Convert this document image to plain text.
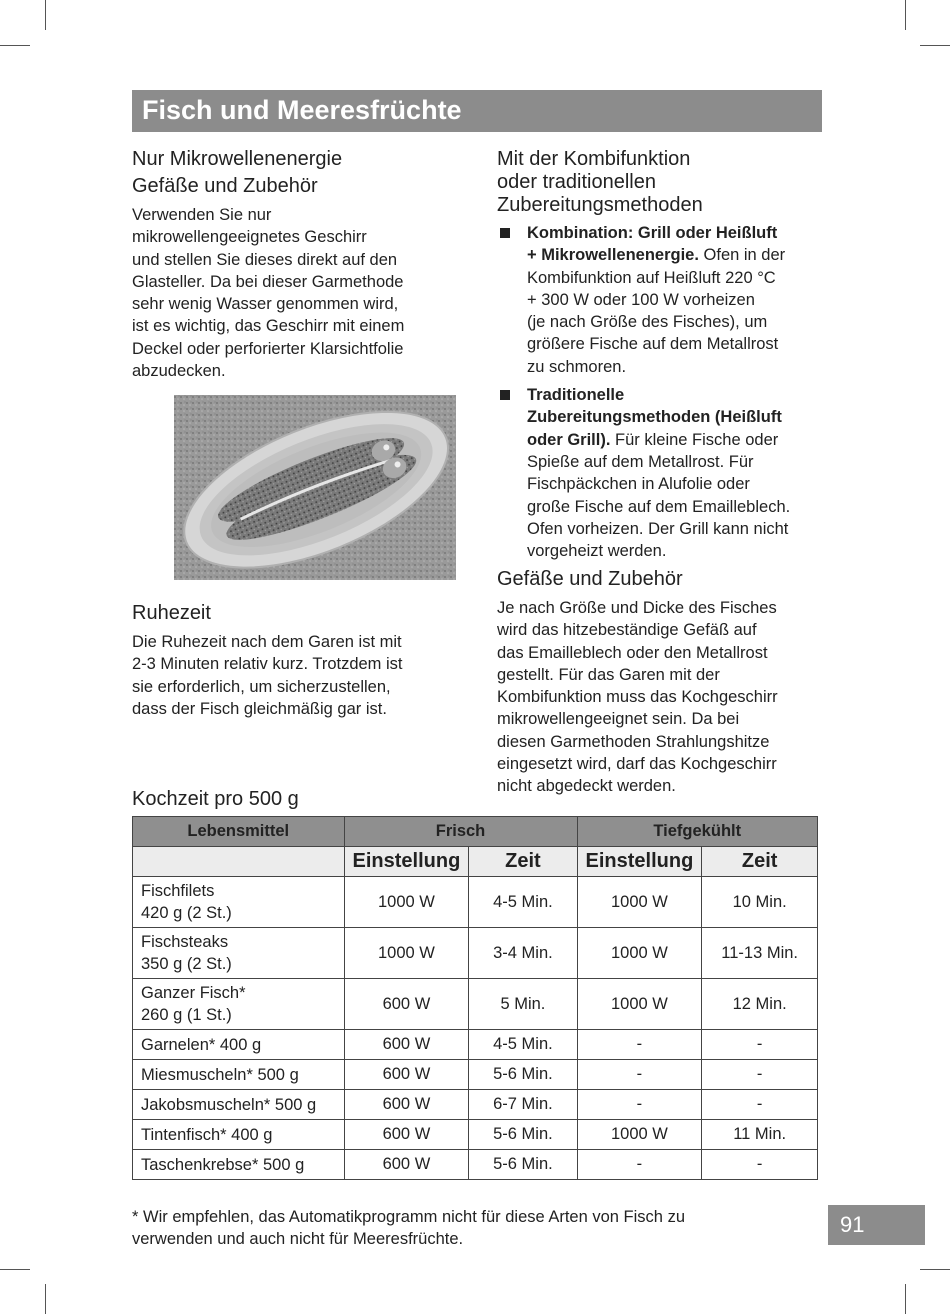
Fisch und Meeresfrüchte
Nur Mikrowellenenergie
Gefäße und Zubehör
Verwenden Sie nur
mikrowellengeeignetes Geschirr
und stellen Sie dieses direkt auf den
Glasteller. Da bei dieser Garmethode
sehr wenig Wasser genommen wird,
ist es wichtig, das Geschirr mit einem
Deckel oder perforierter Klarsichtfolie
abzudecken.
Ruhezeit
Die Ruhezeit nach dem Garen ist mit
2-3 Minuten relativ kurz. Trotzdem ist
sie erforderlich, um sicherzustellen,
dass der Fisch gleichmäßig gar ist.
Mit der Kombifunktion
oder traditionellen
Zubereitungsmethoden
Kombination: Grill oder Heißluft
+ Mikrowellenenergie. Ofen in der
Kombifunktion auf Heißluft 220 °C
+ 300 W oder 100 W vorheizen
(je nach Größe des Fisches), um
größere Fische auf dem Metallrost
zu schmoren.
Traditionelle
Zubereitungsmethoden (Heißluft
oder Grill). Für kleine Fische oder
Spieße auf dem Metallrost. Für
Fischpäckchen in Alufolie oder
große Fische auf dem Emailleblech.
Ofen vorheizen. Der Grill kann nicht
vorgeheizt werden.
Gefäße und Zubehör
Je nach Größe und Dicke des Fisches
wird das hitzebeständige Gefäß auf
das Emailleblech oder den Metallrost
gestellt. Für das Garen mit der
Kombifunktion muss das Kochgeschirr
mikrowellengeeignet sein. Da bei
diesen Garmethoden Strahlungshitze
eingesetzt wird, darf das Kochgeschirr
nicht abgedeckt werden.
Kochzeit pro 500 g
Lebensmittel	Frisch		Tiefgekühlt	
	Einstellung	Zeit	Einstellung	Zeit

Fischfilets
420 g (2 St.)	1000 W	4-5 Min.	1000 W	10 Min.

Fischsteaks
350 g (2 St.)	1000 W	3-4 Min.	1000 W	11-13 Min.

Ganzer Fisch*
260 g (1 St.)	600 W	5 Min.	1000 W	12 Min.
Garnelen* 400 g	600 W	4-5 Min.	-	-
Miesmuscheln* 500 g	600 W	5-6 Min.	-	-
Jakobsmuscheln* 500 g	600 W	6-7 Min.	-	-
Tintenfisch* 400 g	600 W	5-6 Min.	1000 W	11 Min.
Taschenkrebse* 500 g	600 W	5-6 Min.	-	-
* Wir empfehlen, das Automatikprogramm nicht für diese Arten von Fisch zu
verwenden und auch nicht für Meeresfrüchte.
91
